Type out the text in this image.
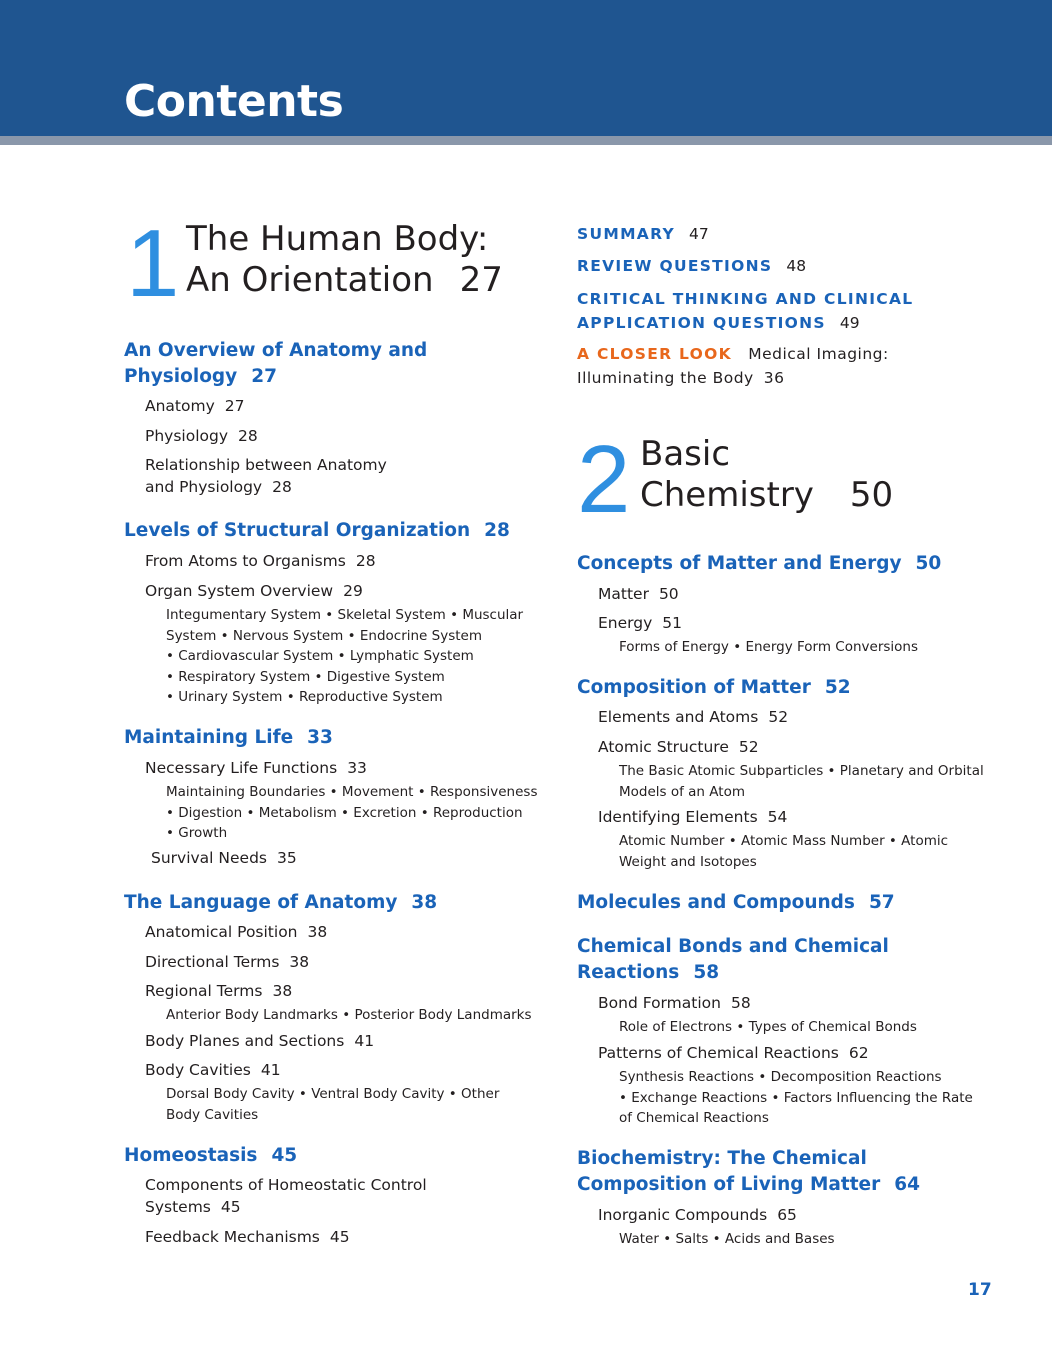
Contents
1 The Human Body:
An Orientation 27
An Overview of Anatomy and
Physiology 27
Anatomy 27
Physiology 28
Relationship between Anatomy
and Physiology 28
Levels of Structural Organization 28
From Atoms to Organisms 28
Organ System Overview 29
Integumentary System • Skeletal System • Muscular
System • Nervous System • Endocrine System
• Cardiovascular System • Lymphatic System
• Respiratory System • Digestive System
• Urinary System • Reproductive System
Maintaining Life 33
Necessary Life Functions 33
Maintaining Boundaries • Movement • Responsiveness
• Digestion • Metabolism • Excretion • Reproduction
• Growth
Survival Needs 35
The Language of Anatomy 38
Anatomical Position 38
Directional Terms 38
Regional Terms 38
Anterior Body Landmarks • Posterior Body Landmarks
Body Planes and Sections 41
Body Cavities 41
Dorsal Body Cavity • Ventral Body Cavity • Other
Body Cavities
Homeostasis 45
Components of Homeostatic Control
Systems 45
Feedback Mechanisms 45
SUMMARY 47
REVIEW QUESTIONS 48
CRITICAL THINKING AND CLINICAL
APPLICATION QUESTIONS 49
A CLOSER LOOK Medical Imaging:
Illuminating the Body 36
2 Basic
Chemistry 50
Concepts of Matter and Energy 50
Matter 50
Energy 51
Forms of Energy • Energy Form Conversions
Composition of Matter 52
Elements and Atoms 52
Atomic Structure 52
The Basic Atomic Subparticles • Planetary and Orbital
Models of an Atom
Identifying Elements 54
Atomic Number • Atomic Mass Number • Atomic
Weight and Isotopes
Molecules and Compounds 57
Chemical Bonds and Chemical
Reactions 58
Bond Formation 58
Role of Electrons • Types of Chemical Bonds
Patterns of Chemical Reactions 62
Synthesis Reactions • Decomposition Reactions
• Exchange Reactions • Factors Influencing the Rate
of Chemical Reactions
Biochemistry: The Chemical
Composition of Living Matter 64
Inorganic Compounds 65
Water • Salts • Acids and Bases
17
